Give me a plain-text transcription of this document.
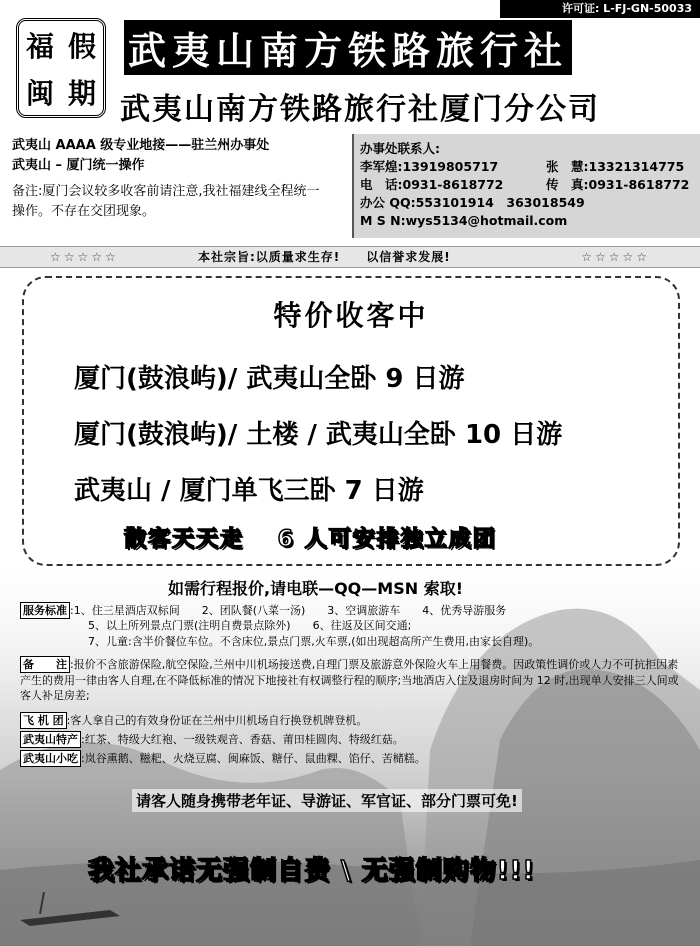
许可证: L-FJ-GN-50033
福 假
闽 期
武夷山南方铁路旅行社
武夷山南方铁路旅行社厦门分公司
武夷山 AAAA 级专业地接——驻兰州办事处
武夷山 – 厦门统一操作
备注:厦门会议较多收客前请注意,我社福建线全程统一操作。不存在交团现象。
办事处联系人:
李军煌:13919805717	张　慧:13321314775
电　话:0931-8618772	传　真:0931-8618772
办公 QQ:553101914　363018549
M S N:wys5134@hotmail.com
☆☆☆☆☆	本社宗旨:以质量求生存!　　以信誉求发展!	☆☆☆☆☆
特价收客中
厦门(鼓浪屿)/ 武夷山全卧 9 日游
厦门(鼓浪屿)/ 土楼 / 武夷山全卧 10 日游
武夷山 / 厦门单飞三卧 7 日游
散客天天走　 6 人可安排独立成团
如需行程报价,请电联—QQ—MSN 索取!
服务标准 :1、住三星酒店双标间　　2、团队餐(八菜一汤)　　3、空调旅游车　　4、优秀导游服务
5、以上所列景点门票(注明自费景点除外)　　6、往返及区间交通;
7、儿童:含半价餐位车位。不含床位,景点门票,火车票,(如出现超高所产生费用,由家长自理)。
备　　注 :报价不含旅游保险,航空保险,兰州中川机场接送费,自理门票及旅游意外保险火车上用餐费。因政策性调价或人力不可抗拒因素产生的费用一律由客人自理,在不降低标准的情况下地接社有权调整行程的顺序;当地酒店入住及退房时间为 12 时,出现单人安排三人间或客人补足房差;
飞 机 团 :客人拿自己的有效身份证在兰州中川机场自行换登机牌登机。
武夷山特产 :红茶、特级大红袍、一级铁观音、香菇、莆田桂圆肉、特级红菇。
武夷山小吃 :岚谷熏鹅、糍粑、火烧豆腐、闽麻饭、糖仔、鼠曲粿、馅仔、苦槠糕。
请客人随身携带老年证、导游证、军官证、部分门票可免!
我社承诺无强制自费 \ 无强制购物!!!
